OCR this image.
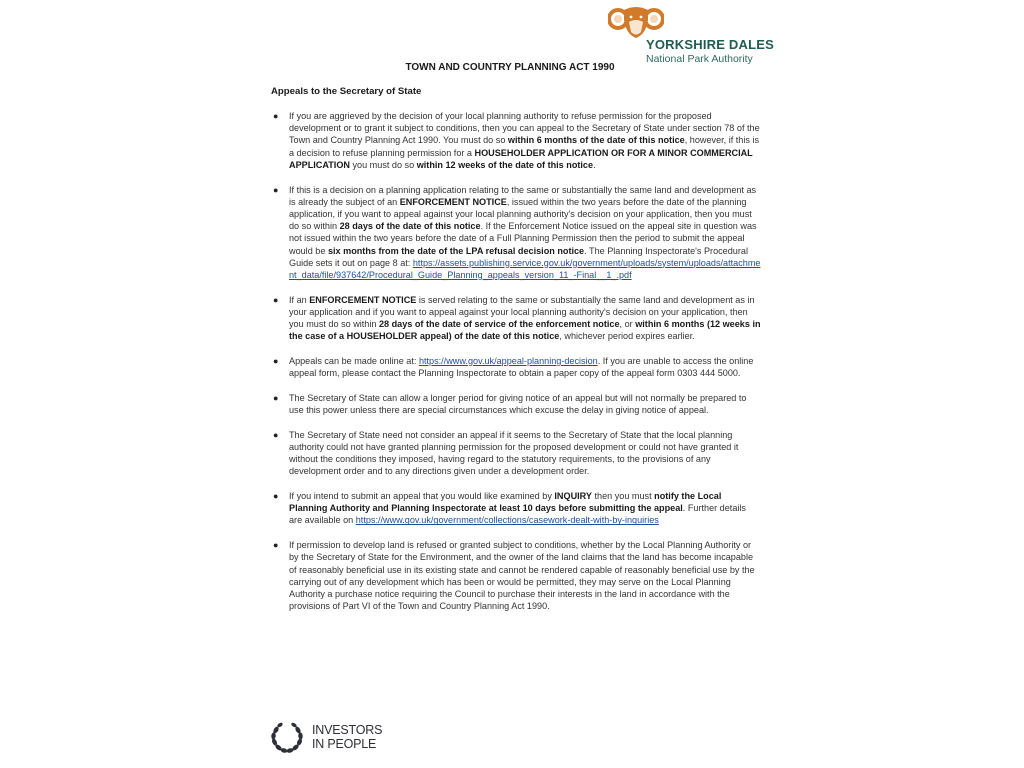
YORKSHIRE DALES
National Park Authority
TOWN AND COUNTRY PLANNING ACT 1990
Appeals to the Secretary of State
● If you are aggrieved by the decision of your local planning authority to refuse permission for the proposed development or to grant it subject to conditions, then you can appeal to the Secretary of State under section 78 of the Town and Country Planning Act 1990. You must do so within 6 months of the date of this notice, however, if this is a decision to refuse planning permission for a HOUSEHOLDER APPLICATION OR FOR A MINOR COMMERCIAL APPLICATION you must do so within 12 weeks of the date of this notice.
● If this is a decision on a planning application relating to the same or substantially the same land and development as is already the subject of an ENFORCEMENT NOTICE, issued within the two years before the date of the planning application, if you want to appeal against your local planning authority's decision on your application, then you must do so within 28 days of the date of this notice. If the Enforcement Notice issued on the appeal site in question was not issued within the two years before the date of a Full Planning Permission then the period to submit the appeal would be six months from the date of the LPA refusal decision notice. The Planning Inspectorate's Procedural Guide sets it out on page 8 at: https://assets.publishing.service.gov.uk/government/uploads/system/uploads/attachment_data/file/937642/Procedural_Guide_Planning_appeals_version_11_-Final__1_.pdf
● If an ENFORCEMENT NOTICE is served relating to the same or substantially the same land and development as in your application and if you want to appeal against your local planning authority's decision on your application, then you must do so within 28 days of the date of service of the enforcement notice, or within 6 months (12 weeks in the case of a HOUSEHOLDER appeal) of the date of this notice, whichever period expires earlier.
● Appeals can be made online at: https://www.gov.uk/appeal-planning-decision. If you are unable to access the online appeal form, please contact the Planning Inspectorate to obtain a paper copy of the appeal form 0303 444 5000.
● The Secretary of State can allow a longer period for giving notice of an appeal but will not normally be prepared to use this power unless there are special circumstances which excuse the delay in giving notice of appeal.
● The Secretary of State need not consider an appeal if it seems to the Secretary of State that the local planning authority could not have granted planning permission for the proposed development or could not have granted it without the conditions they imposed, having regard to the statutory requirements, to the provisions of any development order and to any directions given under a development order.
● If you intend to submit an appeal that you would like examined by INQUIRY then you must notify the Local Planning Authority and Planning Inspectorate at least 10 days before submitting the appeal. Further details are available on https://www.gov.uk/government/collections/casework-dealt-with-by-inquiries
● If permission to develop land is refused or granted subject to conditions, whether by the Local Planning Authority or by the Secretary of State for the Environment, and the owner of the land claims that the land has become incapable of reasonably beneficial use in its existing state and cannot be rendered capable of reasonably beneficial use by the carrying out of any development which has been or would be permitted, they may serve on the Local Planning Authority a purchase notice requiring the Council to purchase their interests in the land in accordance with the provisions of Part VI of the Town and Country Planning Act 1990.
INVESTORS
IN PEOPLE
